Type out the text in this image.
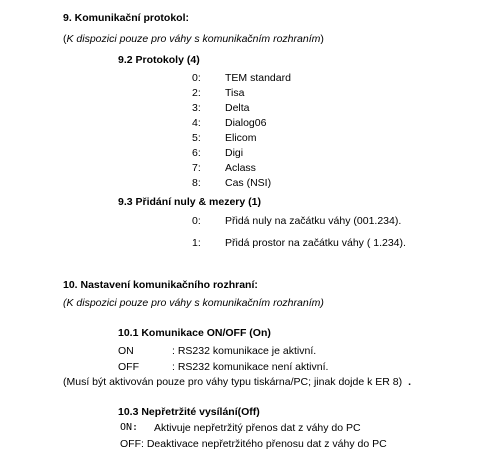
9. Komunikační protokol:
(K dispozici pouze pro váhy s komunikačním rozhraním)
9.2 Protokoly (4)
0: TEM standard
2: Tisa
3: Delta
4: Dialog06
5: Elicom
6: Digi
7: Aclass
8: Cas (NSI)
9.3 Přidání nuly & mezery (1)
0: Přidá nuly na začátku váhy (001.234).
1: Přidá prostor na začátku váhy ( 1.234).
10. Nastavení komunikačního rozhraní:
(K dispozici pouze pro váhy s komunikačním rozhraním)
10.1 Komunikace ON/OFF (On)
ON	: RS232 komunikace je aktivní.
OFF	: RS232 komunikace není aktivní.
(Musí být aktivován pouze pro váhy typu tiskárna/PC; jinak dojde k ER 8) .
10.3 Nepřetržité vysílání(Off)
ON: Aktivuje nepřetržitý přenos dat z váhy do PC
OFF: Deaktivace nepřetržitého přenosu dat z váhy do PC
